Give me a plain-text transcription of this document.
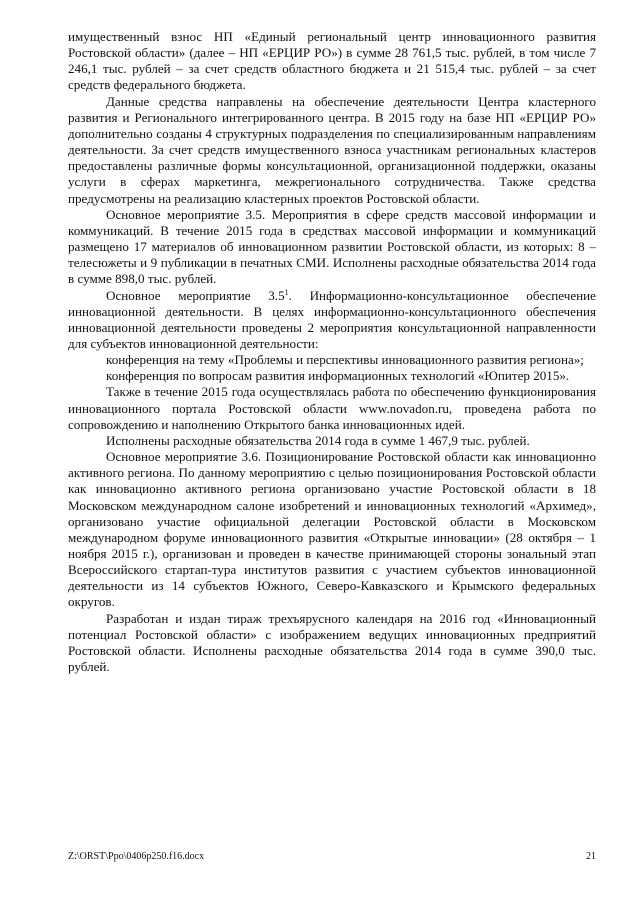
имущественный взнос НП «Единый региональный центр инновационного развития Ростовской области» (далее – НП «ЕРЦИР РО») в сумме 28 761,5 тыс. рублей, в том числе 7 246,1 тыс. рублей – за счет средств областного бюджета и 21 515,4 тыс. рублей – за счет средств федерального бюджета.

Данные средства направлены на обеспечение деятельности Центра кластерного развития и Регионального интегрированного центра. В 2015 году на базе НП «ЕРЦИР РО» дополнительно созданы 4 структурных подразделения по специализированным направлениям деятельности. За счет средств имущественного взноса участникам региональных кластеров предоставлены различные формы консультационной, организационной поддержки, оказаны услуги в сферах маркетинга, межрегионального сотрудничества. Также средства предусмотрены на реализацию кластерных проектов Ростовской области.

Основное мероприятие 3.5. Мероприятия в сфере средств массовой информации и коммуникаций. В течение 2015 года в средствах массовой информации и коммуникаций размещено 17 материалов об инновационном развитии Ростовской области, из которых: 8 – телесюжеты и 9 публикации в печатных СМИ. Исполнены расходные обязательства 2014 года в сумме 898,0 тыс. рублей.

Основное мероприятие $3.5^1$. Информационно-консультационное обеспечение инновационной деятельности. В целях информационно-консультационного обеспечения инновационной деятельности проведены 2 мероприятия консультационной направленности для субъектов инновационной деятельности:

конференция на тему «Проблемы и перспективы инновационного развития региона»;

конференция по вопросам развития информационных технологий «Юпитер 2015».

Также в течение 2015 года осуществлялась работа по обеспечению функционирования инновационного портала Ростовской области www.novadon.ru, проведена работа по сопровождению и наполнению Открытого банка инновационных идей.

Исполнены расходные обязательства 2014 года в сумме 1 467,9 тыс. рублей.

Основное мероприятие 3.6. Позиционирование Ростовской области как инновационно активного региона. По данному мероприятию с целью позиционирования Ростовской области как инновационно активного региона организовано участие Ростовской области в 18 Московском международном салоне изобретений и инновационных технологий «Архимед», организовано участие официальной делегации Ростовской области в Московском международном форуме инновационного развития «Открытые инновации» (28 октября – 1 ноября 2015 г.), организован и проведен в качестве принимающей стороны зональный этап Всероссийского стартап-тура институтов развития с участием субъектов инновационной деятельности из 14 субъектов Южного, Северо-Кавказского и Крымского федеральных округов.

Разработан и издан тираж трехъярусного календаря на 2016 год «Инновационный потенциал Ростовской области» с изображением ведущих инновационных предприятий Ростовской области. Исполнены расходные обязательства 2014 года в сумме 390,0 тыс. рублей.

Z:\ORST\Ppo\0406p250.f16.docx	21
